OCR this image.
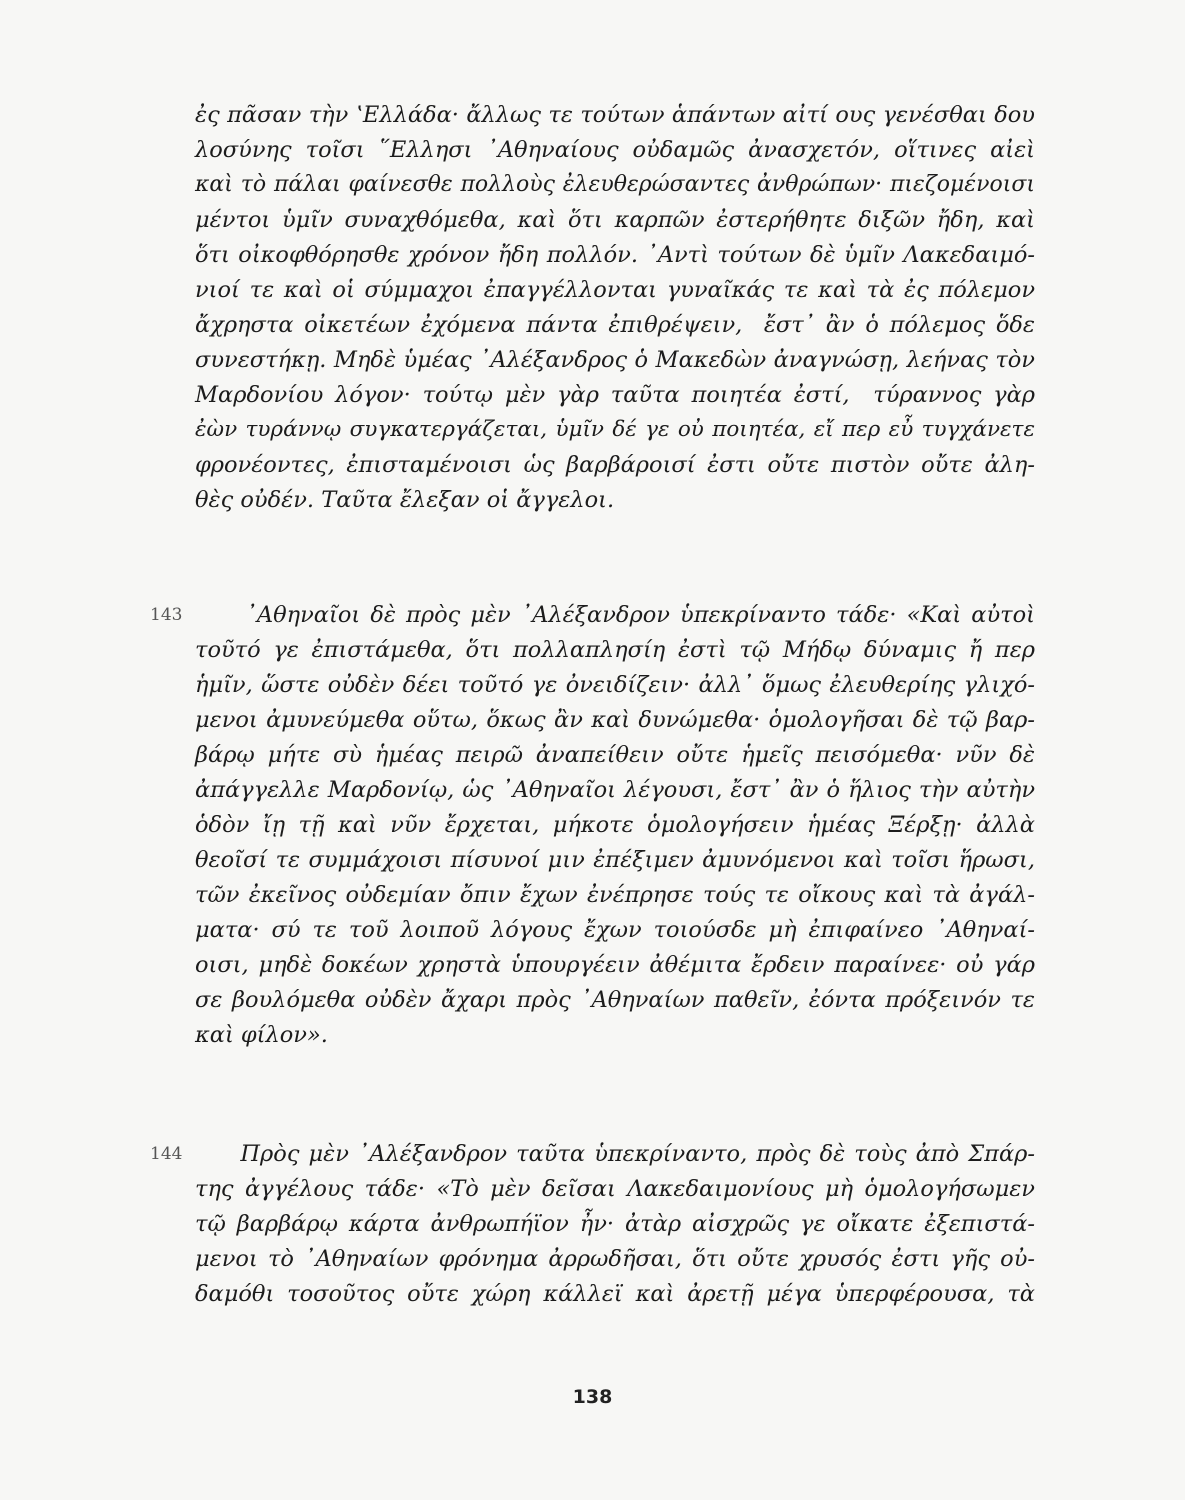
ἐς πᾶσαν τὴν ʽΕλλάδα· ἄλλως τε τούτων ἁπάντων αἰτί ους γενέσθαι δου
λοσύνης τοῖσι ῞Ελλησι ᾿Αθηναίους οὐδαμῶς ἀνασχετόν, οἵτινες αἰεὶ
καὶ τὸ πάλαι φαίνεσθε πολλοὺς ἐλευθερώσαντες ἀνθρώπων· πιεζομένοισι
μέντοι ὑμῖν συναχθόμεθα, καὶ ὅτι καρπῶν ἐστερήθητε διξῶν ἤδη, καὶ
ὅτι οἰκοφθόρησθε χρόνον ἤδη πολλόν. ᾿Αντὶ τούτων δὲ ὑμῖν Λακεδαιμό-
νιοί τε καὶ οἱ σύμμαχοι ἐπαγγέλλονται γυναῖκάς τε καὶ τὰ ἐς πόλεμον
ἄχρηστα οἰκετέων ἐχόμενα πάντα ἐπιθρέψειν,  ἔστ᾽ ἂν ὁ πόλεμος ὅδε
συνεστήκῃ. Μηδὲ ὑμέας ᾿Αλέξανδρος ὁ Μακεδὼν ἀναγνώσῃ, λεήνας τὸν
Μαρδονίου λόγον· τούτῳ μὲν γὰρ ταῦτα ποιητέα ἐστί,  τύραννος γὰρ
ἐὼν τυράννῳ συγκατεργάζεται, ὑμῖν δέ γε οὐ ποιητέα, εἴ περ εὖ τυγχάνετε
φρονέοντες, ἐπισταμένοισι ὡς βαρβάροισί ἐστι οὔτε πιστὸν οὔτε ἀλη-
θὲς οὐδέν. Ταῦτα ἔλεξαν οἱ ἄγγελοι.
143 ᾿Αθηναῖοι δὲ πρὸς μὲν ᾿Αλέξανδρον ὑπεκρίναντο τάδε· «Καὶ αὐτοὶ
τοῦτό γε ἐπιστάμεθα, ὅτι πολλαπλησίη ἐστὶ τῷ Μήδῳ δύναμις ἤ περ
ἡμῖν, ὥστε οὐδὲν δέει τοῦτό γε ὀνειδίζειν· ἀλλ᾽ ὅμως ἐλευθερίης γλιχό-
μενοι ἀμυνεύμεθα οὕτω, ὅκως ἂν καὶ δυνώμεθα· ὁμολογῆσαι δὲ τῷ βαρ-
βάρῳ μήτε σὺ ἡμέας πειρῶ ἀναπείθειν οὔτε ἡμεῖς πεισόμεθα· νῦν δὲ
ἀπάγγελλε Μαρδονίῳ, ὡς ᾿Αθηναῖοι λέγουσι, ἔστ᾽ ἂν ὁ ἥλιος τὴν αὐτὴν
ὁδὸν ἴῃ τῇ καὶ νῦν ἔρχεται, μήκοτε ὁμολογήσειν ἡμέας Ξέρξῃ· ἀλλὰ
θεοῖσί τε συμμάχοισι πίσυνοί μιν ἐπέξιμεν ἀμυνόμενοι καὶ τοῖσι ἥρωσι,
τῶν ἐκεῖνος οὐδεμίαν ὄπιν ἔχων ἐνέπρησε τούς τε οἴκους καὶ τὰ ἀγάλ-
ματα· σύ τε τοῦ λοιποῦ λόγους ἔχων τοιούσδε μὴ ἐπιφαίνεο ᾿Αθηναί-
οισι, μηδὲ δοκέων χρηστὰ ὑπουργέειν ἀθέμιτα ἔρδειν παραίνεε· οὐ γάρ
σε βουλόμεθα οὐδὲν ἄχαρι πρὸς ᾿Αθηναίων παθεῖν, ἐόντα πρόξεινόν τε
καὶ φίλον».
144 Πρὸς μὲν ᾿Αλέξανδρον ταῦτα ὑπεκρίναντο, πρὸς δὲ τοὺς ἀπὸ Σπάρ-
της ἀγγέλους τάδε· «Τὸ μὲν δεῖσαι Λακεδαιμονίους μὴ ὁμολογήσωμεν
τῷ βαρβάρῳ κάρτα ἀνθρωπήϊον ἦν· ἀτὰρ αἰσχρῶς γε οἴκατε ἐξεπιστά-
μενοι τὸ ᾿Αθηναίων φρόνημα ἀρρωδῆσαι, ὅτι οὔτε χρυσός ἐστι γῆς οὐ-
δαμόθι τοσοῦτος οὔτε χώρη κάλλεϊ καὶ ἀρετῇ μέγα ὑπερφέρουσα, τὰ
138
